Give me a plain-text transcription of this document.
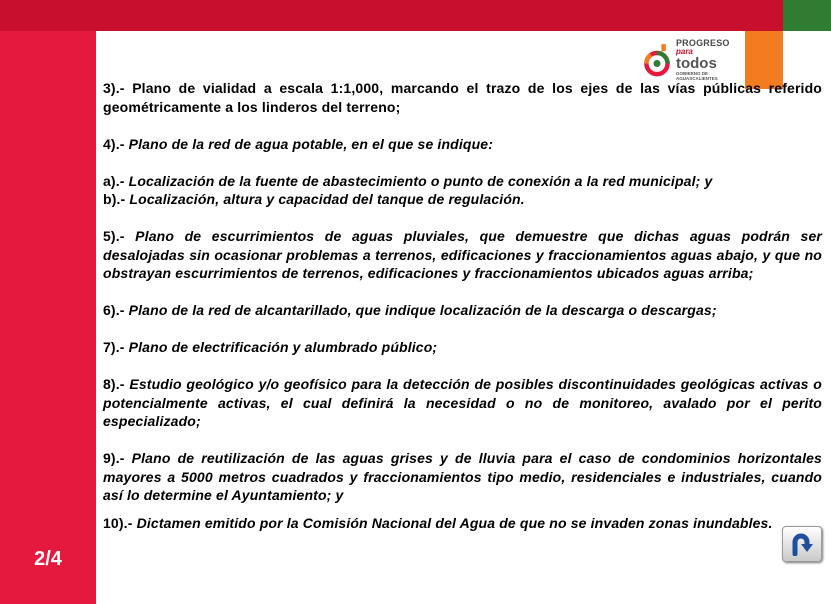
2/4
PROGRESO
para
todos
GOBIERNO DE AGUASCALIENTES

3).- Plano de vialidad a escala 1:1,000, marcando el trazo de los ejes de las vías públicas referido geométricamente a los linderos del terreno;

4).- Plano de la red de agua potable, en el que se indique:

a).- Localización de la fuente de abastecimiento o punto de conexión a la red municipal; y

b).- Localización, altura y capacidad del tanque de regulación.

5).- Plano de escurrimientos de aguas pluviales, que demuestre que dichas aguas podrán ser desalojadas sin ocasionar problemas a terrenos, edificaciones y fraccionamientos aguas abajo, y que no obstrayan escurrimientos de terrenos, edificaciones y fraccionamientos ubicados aguas arriba;

6).- Plano de la red de alcantarillado, que indique localización de la descarga o descargas;

7).- Plano de electrificación y alumbrado público;

8).- Estudio geológico y/o geofísico para la detección de posibles discontinuidades geológicas activas o potencialmente activas, el cual definirá la necesidad o no de monitoreo, avalado por el perito especializado;

9).- Plano de reutilización de las aguas grises y de lluvia para el caso de condominios horizontales mayores a 5000 metros cuadrados y fraccionamientos tipo medio, residenciales e industriales, cuando así lo determine el Ayuntamiento; y

10).- Dictamen emitido por la Comisión Nacional del Agua de que no se invaden zonas inundables.
